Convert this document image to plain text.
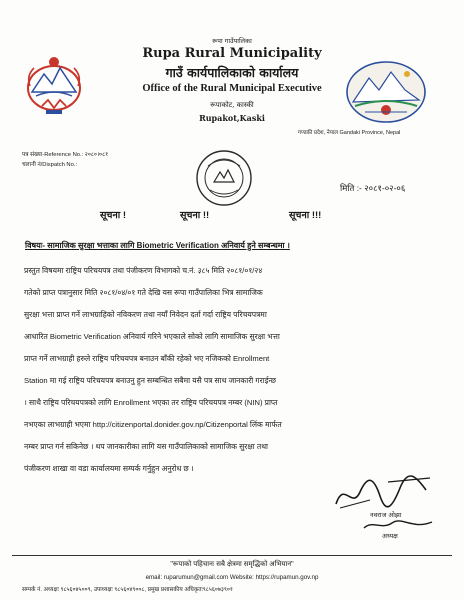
रूपा गाउँपालिका
Rupa Rural Municipality
गाउँ कार्यपालिकाको कार्यालय
Office of the Rural Municipal Executive
रूपाकोट, कास्की
Rupakot,Kaski
गण्डकी प्रदेश, नेपाल Gandaki Province, Nepal
पत्र संख्या-Reference No.: २०८०।०८१
चलानी नं/Dispatch No.:
मिति :- २०८१-०२-०६
सूचना !	सूचना !!	सूचना !!!
विषयः- सामाजिक सुरक्षा भत्ताका लागि Biometric Verification अनिवार्य हुने सम्बन्धमा ।
प्रस्तुत विषयमा राष्ट्रिय परिचयपत्र तथा पंजीकरण विभागको च.नं. ३८५ मिति २०८१/०१/२४
गतेको प्राप्त पत्रानुसार मिति २०८१/०४/०१ गते देखि यस रूपा गाउँपालिका भित्र सामाजिक
सुरक्षा भत्ता प्राप्त गर्ने लाभग्राहिको नविकरण तथा नयाँ निवेदन दर्ता गर्दा राष्ट्रिय परिचयपत्रमा
आधारित Biometric Verification अनिवार्य गरिने भएकाले सोको लागि सामाजिक सुरक्षा भत्ता
प्राप्त गर्ने लाभग्राही हरुले राष्ट्रिय परिचयपत्र बनाउन बाँकी रहेको भए नजिकको Enrollment
Station मा गई राष्ट्रिय परिचयपत्र बनाउनु हुन सम्बन्धित सबैमा यसै पत्र साथ जानकारी गराईन्छ
। साथै राष्ट्रिय परिचयपत्रको लागि Enrollment भएका तर राष्ट्रिय परिचयपत्र नम्बर (NIN) प्राप्त
नभएका लाभग्राही भएमा http://citizenportal.donider.gov.np/Citizenportal लिंक मार्फत
नम्बर प्राप्त गर्न सकिनेछ । थप जानकारीका लागि यस गाउँपालिकाको सामाजिक सुरक्षा तथा
पंजीकरण शाखा वा वडा कार्यालयमा सम्पर्क गर्नुहुन अनुरोध छ ।
नवराज ओझा
अध्यक्ष
"रूपाको पहिचानः सबै क्षेत्रमा समृद्धिको अभियान"
email: ruparumun@gmail.com Website: https://rupamun.gov.np
सम्पर्क नं. अध्यक्षः ९८५६०४५००९, उपाध्यक्षः ९८५६०४९००८, प्रमुख प्रशासकीय अधिकृतः९८५६०७३९०१
